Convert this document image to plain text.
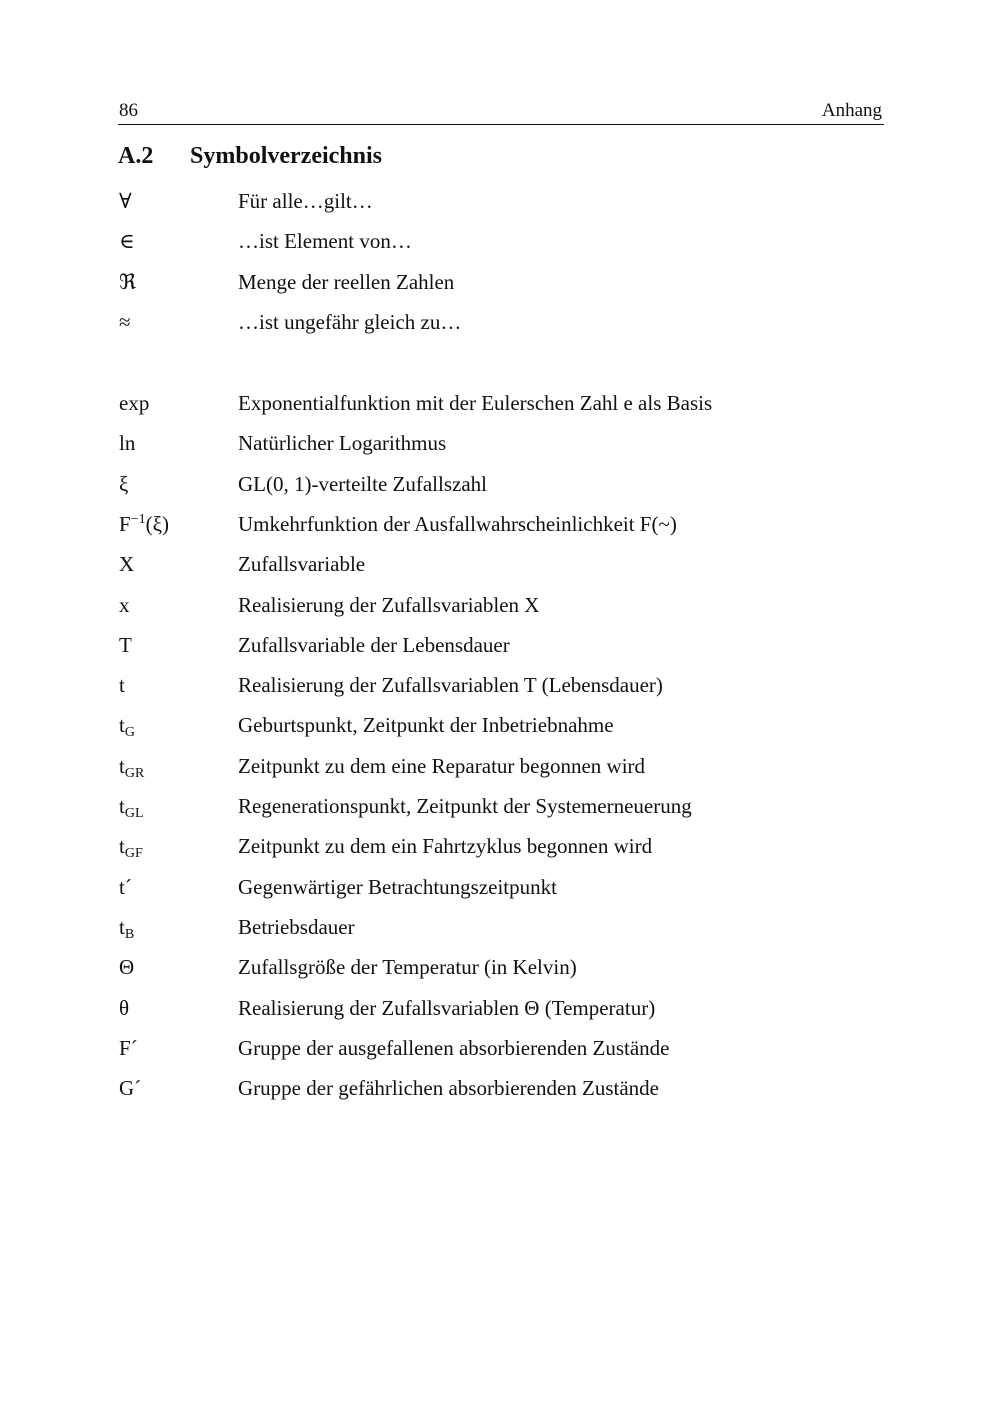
86	Anhang
A.2 Symbolverzeichnis
∀	Für alle…gilt…
∈	…ist Element von…
ℜ	Menge der reellen Zahlen
≈	…ist ungefähr gleich zu…
exp	Exponentialfunktion mit der Eulerschen Zahl e als Basis
ln	Natürlicher Logarithmus
ξ	GL(0, 1)-verteilte Zufallszahl
$F^{-1}(\xi)$	Umkehrfunktion der Ausfallwahrscheinlichkeit F(~)
X	Zufallsvariable
x	Realisierung der Zufallsvariablen X
T	Zufallsvariable der Lebensdauer
t	Realisierung der Zufallsvariablen T (Lebensdauer)
$t_G$	Geburtspunkt, Zeitpunkt der Inbetriebnahme
$t_{GR}$	Zeitpunkt zu dem eine Reparatur begonnen wird
$t_{GL}$	Regenerationspunkt, Zeitpunkt der Systemerneuerung
$t_{GF}$	Zeitpunkt zu dem ein Fahrtzyklus begonnen wird
t´	Gegenwärtiger Betrachtungszeitpunkt
$t_B$	Betriebsdauer
Θ	Zufallsgröße der Temperatur (in Kelvin)
θ	Realisierung der Zufallsvariablen Θ (Temperatur)
F´	Gruppe der ausgefallenen absorbierenden Zustände
G´	Gruppe der gefährlichen absorbierenden Zustände
